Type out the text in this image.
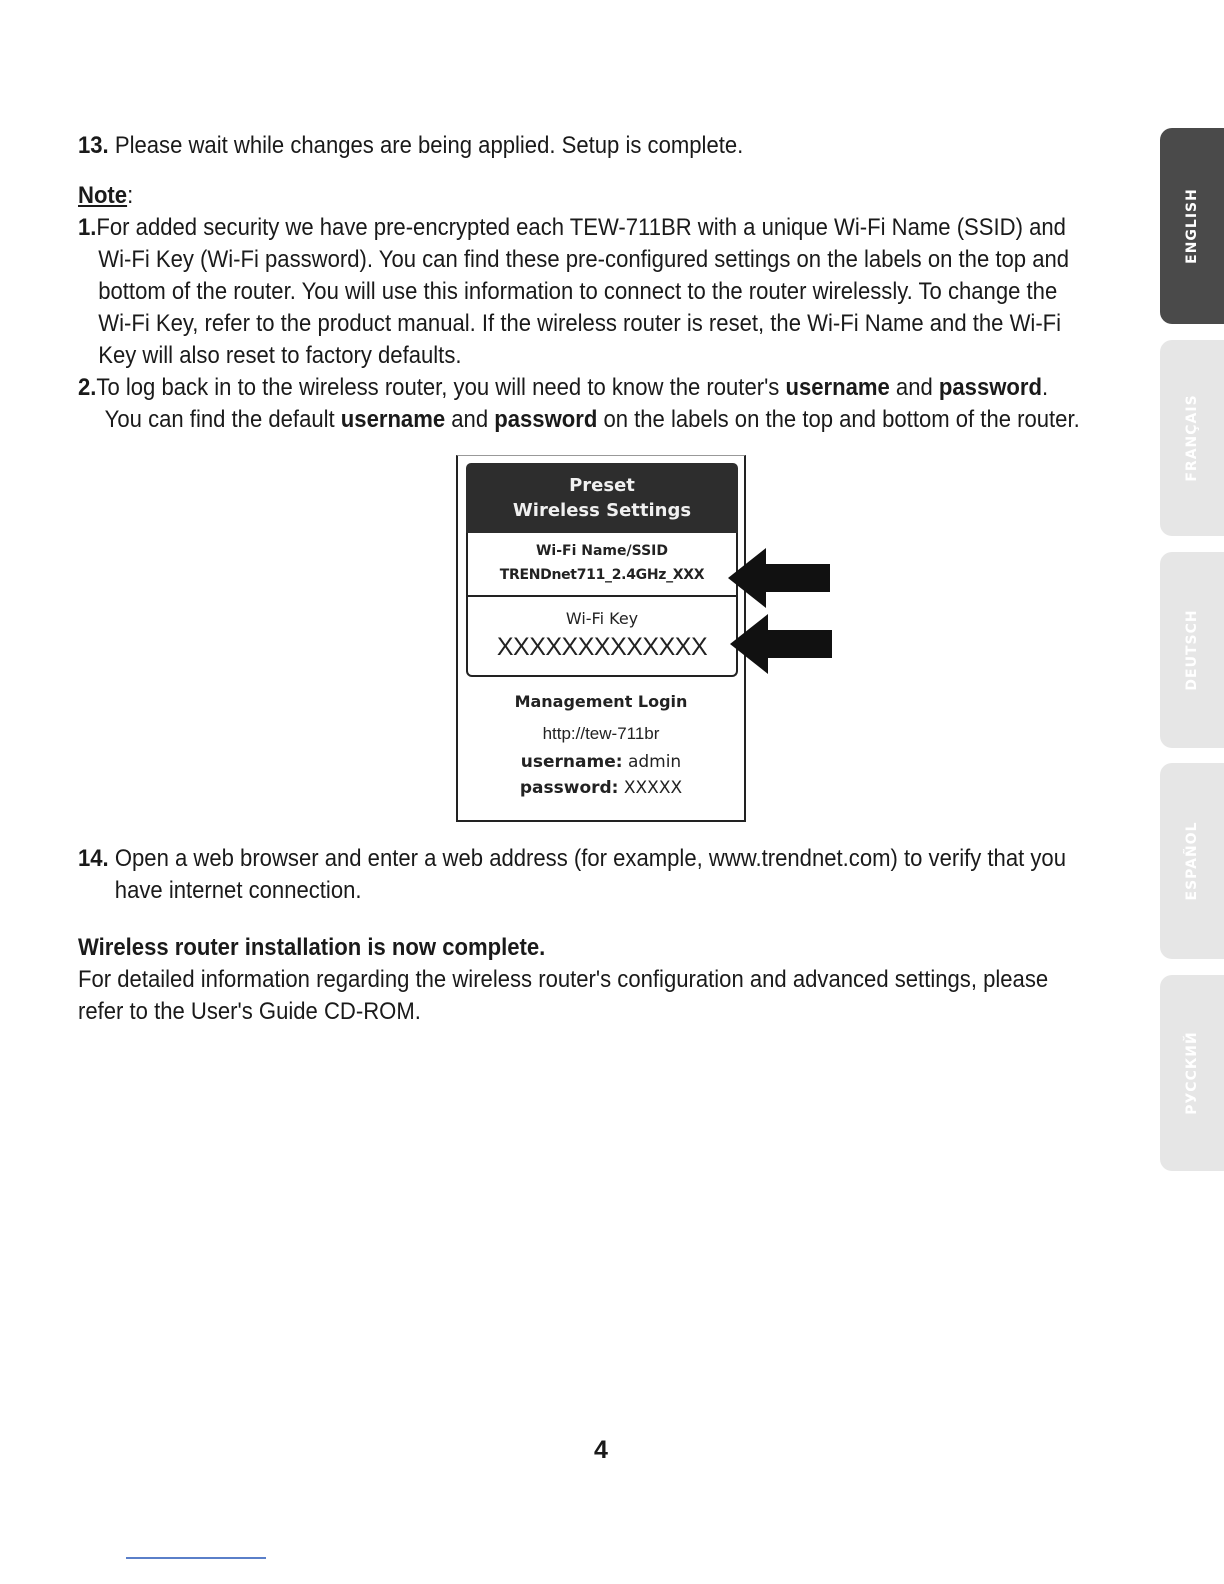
13. Please wait while changes are being applied. Setup is complete.
Note:
1.For added security we have pre-encrypted each TEW-711BR with a unique Wi-Fi Name (SSID) and
Wi-Fi Key (Wi-Fi password). You can find these pre-configured settings on the labels on the top and
bottom of the router. You will use this information to connect to the router wirelessly. To change the
Wi-Fi Key, refer to the product manual. If the wireless router is reset, the Wi-Fi Name and the Wi-Fi
Key will also reset to factory defaults.
2.To log back in to the wireless router, you will need to know the router's username and password.
You can find the default username and password on the labels on the top and bottom of the router.
Preset
Wireless Settings
Wi-Fi Name/SSID
TRENDnet711_2.4GHz_XXX
Wi-Fi Key
XXXXXXXXXXXXX
Management Login
http://tew-711br
username: admin
password: XXXXX
14. Open a web browser and enter a web address (for example, www.trendnet.com) to verify that you
have internet connection.
Wireless router installation is now complete.
For detailed information regarding the wireless router's configuration and advanced settings, please
refer to the User's Guide CD-ROM.
ENGLISH
FRANÇAIS
DEUTSCH
ESPAÑOL
РУССКИЙ
4
